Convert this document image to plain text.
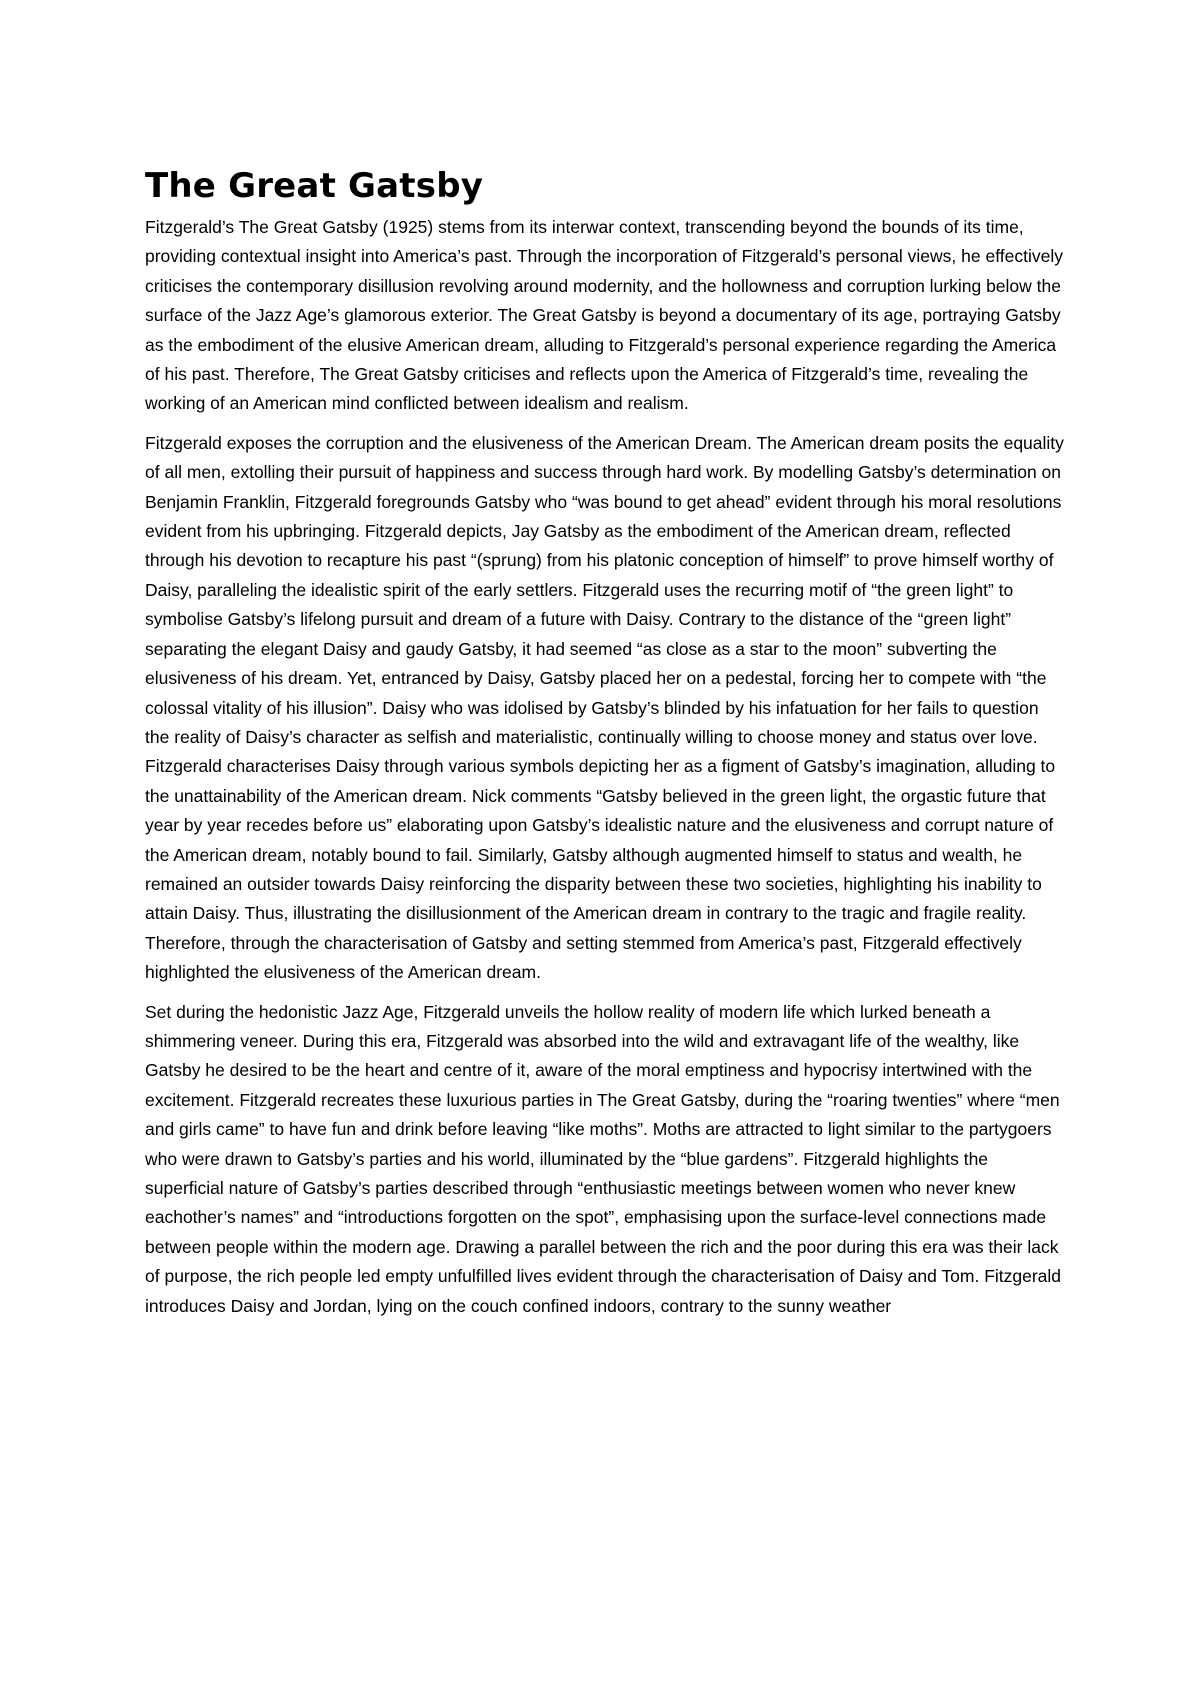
The Great Gatsby

Fitzgerald’s The Great Gatsby (1925) stems from its interwar context, transcending beyond the bounds of its time, providing contextual insight into America’s past. Through the incorporation of Fitzgerald’s personal views, he effectively criticises the contemporary disillusion revolving around modernity, and the hollowness and corruption lurking below the surface of the Jazz Age’s glamorous exterior. The Great Gatsby is beyond a documentary of its age, portraying Gatsby as the embodiment of the elusive American dream, alluding to Fitzgerald’s personal experience regarding the America of his past. Therefore, The Great Gatsby criticises and reflects upon the America of Fitzgerald’s time, revealing the working of an American mind conflicted between idealism and realism.

Fitzgerald exposes the corruption and the elusiveness of the American Dream. The American dream posits the equality of all men, extolling their pursuit of happiness and success through hard work. By modelling Gatsby’s determination on Benjamin Franklin, Fitzgerald foregrounds Gatsby who “was bound to get ahead” evident through his moral resolutions evident from his upbringing. Fitzgerald depicts, Jay Gatsby as the embodiment of the American dream, reflected through his devotion to recapture his past “(sprung) from his platonic conception of himself” to prove himself worthy of Daisy, paralleling the idealistic spirit of the early settlers. Fitzgerald uses the recurring motif of “the green light” to symbolise Gatsby’s lifelong pursuit and dream of a future with Daisy. Contrary to the distance of the “green light” separating the elegant Daisy and gaudy Gatsby, it had seemed “as close as a star to the moon” subverting the elusiveness of his dream. Yet, entranced by Daisy, Gatsby placed her on a pedestal, forcing her to compete with “the colossal vitality of his illusion”. Daisy who was idolised by Gatsby’s blinded by his infatuation for her fails to question the reality of Daisy’s character as selfish and materialistic, continually willing to choose money and status over love. Fitzgerald characterises Daisy through various symbols depicting her as a figment of Gatsby’s imagination, alluding to the unattainability of the American dream. Nick comments “Gatsby believed in the green light, the orgastic future that year by year recedes before us” elaborating upon Gatsby’s idealistic nature and the elusiveness and corrupt nature of the American dream, notably bound to fail. Similarly, Gatsby although augmented himself to status and wealth, he remained an outsider towards Daisy reinforcing the disparity between these two societies, highlighting his inability to attain Daisy. Thus, illustrating the disillusionment of the American dream in contrary to the tragic and fragile reality. Therefore, through the characterisation of Gatsby and setting stemmed from America’s past, Fitzgerald effectively highlighted the elusiveness of the American dream.

Set during the hedonistic Jazz Age, Fitzgerald unveils the hollow reality of modern life which lurked beneath a shimmering veneer. During this era, Fitzgerald was absorbed into the wild and extravagant life of the wealthy, like Gatsby he desired to be the heart and centre of it, aware of the moral emptiness and hypocrisy intertwined with the excitement. Fitzgerald recreates these luxurious parties in The Great Gatsby, during the “roaring twenties” where “men and girls came” to have fun and drink before leaving “like moths”. Moths are attracted to light similar to the partygoers who were drawn to Gatsby’s parties and his world, illuminated by the “blue gardens”. Fitzgerald highlights the superficial nature of Gatsby’s parties described through “enthusiastic meetings between women who never knew eachother’s names” and “introductions forgotten on the spot”, emphasising upon the surface-level connections made between people within the modern age. Drawing a parallel between the rich and the poor during this era was their lack of purpose, the rich people led empty unfulfilled lives evident through the characterisation of Daisy and Tom. Fitzgerald introduces Daisy and Jordan, lying on the couch confined indoors, contrary to the sunny weather
